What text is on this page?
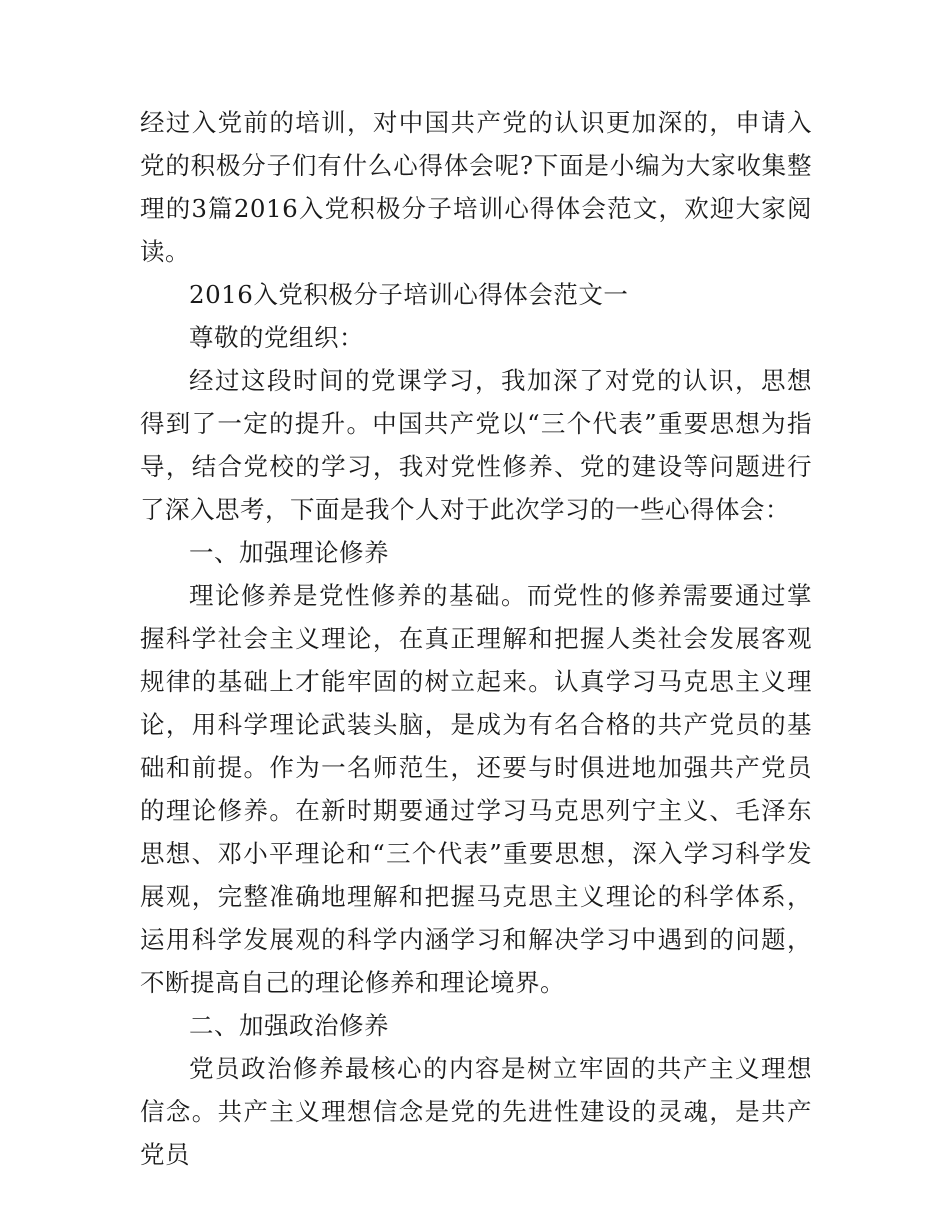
经过入党前的培训，对中国共产党的认识更加深的，申请入党的积极分子们有什么心得体会呢?下面是小编为大家收集整理的3篇2016入党积极分子培训心得体会范文，欢迎大家阅读。

2016入党积极分子培训心得体会范文一

尊敬的党组织：

经过这段时间的党课学习，我加深了对党的认识，思想得到了一定的提升。中国共产党以“三个代表”重要思想为指导，结合党校的学习，我对党性修养、党的建设等问题进行了深入思考，下面是我个人对于此次学习的一些心得体会：

一、加强理论修养

理论修养是党性修养的基础。而党性的修养需要通过掌握科学社会主义理论，在真正理解和把握人类社会发展客观规律的基础上才能牢固的树立起来。认真学习马克思主义理论，用科学理论武装头脑，是成为有名合格的共产党员的基础和前提。作为一名师范生，还要与时俱进地加强共产党员的理论修养。在新时期要通过学习马克思列宁主义、毛泽东思想、邓小平理论和“三个代表”重要思想，深入学习科学发展观，完整准确地理解和把握马克思主义理论的科学体系，运用科学发展观的科学内涵学习和解决学习中遇到的问题，不断提高自己的理论修养和理论境界。

二、加强政治修养

党员政治修养最核心的内容是树立牢固的共产主义理想信念。共产主义理想信念是党的先进性建设的灵魂，是共产党员
